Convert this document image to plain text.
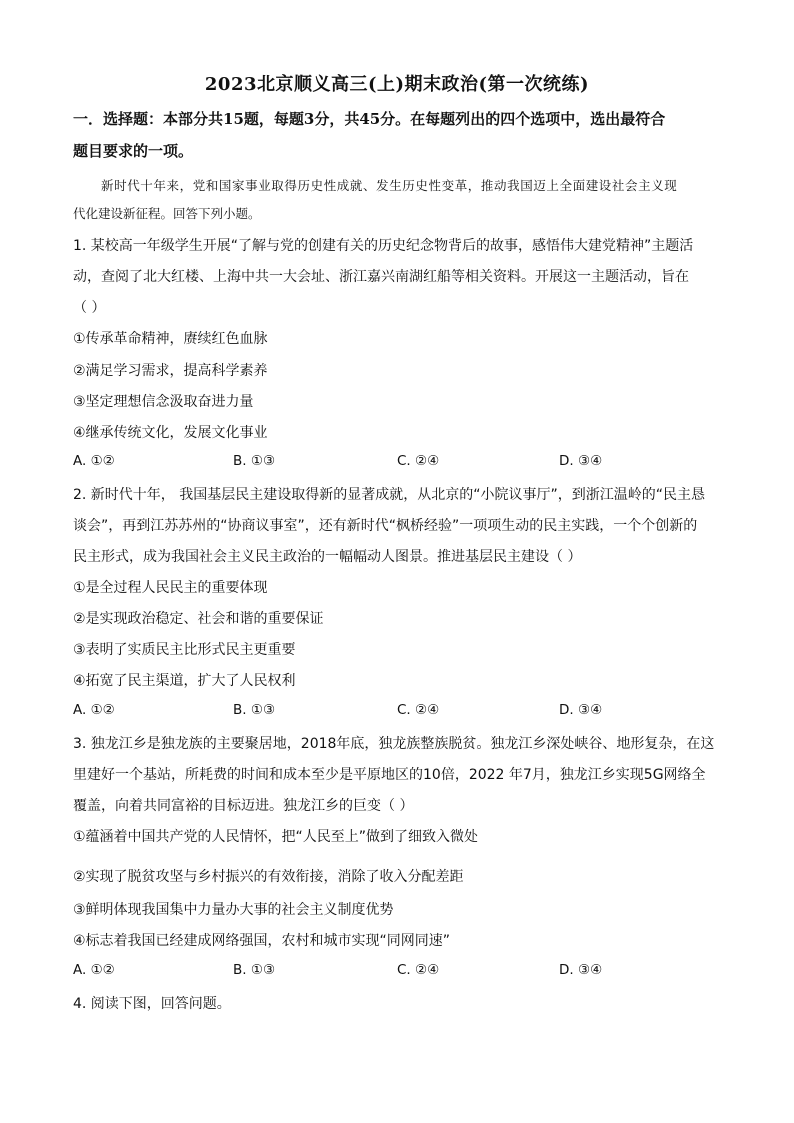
2023北京顺义高三(上)期末政治(第一次统练)
一．选择题：本部分共15题，每题3分，共45分。在每题列出的四个选项中，选出最符合
题目要求的一项。
新时代十年来，党和国家事业取得历史性成就、发生历史性变革，推动我国迈上全面建设社会主义现
代化建设新征程。回答下列小题。
1. 某校高一年级学生开展“了解与党的创建有关的历史纪念物背后的故事，感悟伟大建党精神”主题活
动，查阅了北大红楼、上海中共一大会址、浙江嘉兴南湖红船等相关资料。开展这一主题活动，旨在
（ ）
①传承革命精神，赓续红色血脉
②满足学习需求，提高科学素养
③坚定理想信念汲取奋进力量
④继承传统文化，发展文化事业
A. ①②	B. ①③	C. ②④	D. ③④
2. 新时代十年， 我国基层民主建设取得新的显著成就，从北京的“小院议事厅”，到浙江温岭的“民主恳
谈会”，再到江苏苏州的“协商议事室”，还有新时代“枫桥经验”一项项生动的民主实践，一个个创新的
民主形式，成为我国社会主义民主政治的一幅幅动人图景。推进基层民主建设（ ）
①是全过程人民民主的重要体现
②是实现政治稳定、社会和谐的重要保证
③表明了实质民主比形式民主更重要
④拓宽了民主渠道，扩大了人民权利
A. ①②	B. ①③	C. ②④	D. ③④
3. 独龙江乡是独龙族的主要聚居地，2018年底，独龙族整族脱贫。独龙江乡深处峡谷、地形复杂，在这
里建好一个基站，所耗费的时间和成本至少是平原地区的10倍，2022 年7月，独龙江乡实现5G网络全
覆盖，向着共同富裕的目标迈进。独龙江乡的巨变（ ）
①蕴涵着中国共产党的人民情怀，把“人民至上”做到了细致入微处
②实现了脱贫攻坚与乡村振兴的有效衔接，消除了收入分配差距
③鲜明体现我国集中力量办大事的社会主义制度优势
④标志着我国已经建成网络强国，农村和城市实现“同网同速”
A. ①②	B. ①③	C. ②④	D. ③④
4. 阅读下图，回答问题。
